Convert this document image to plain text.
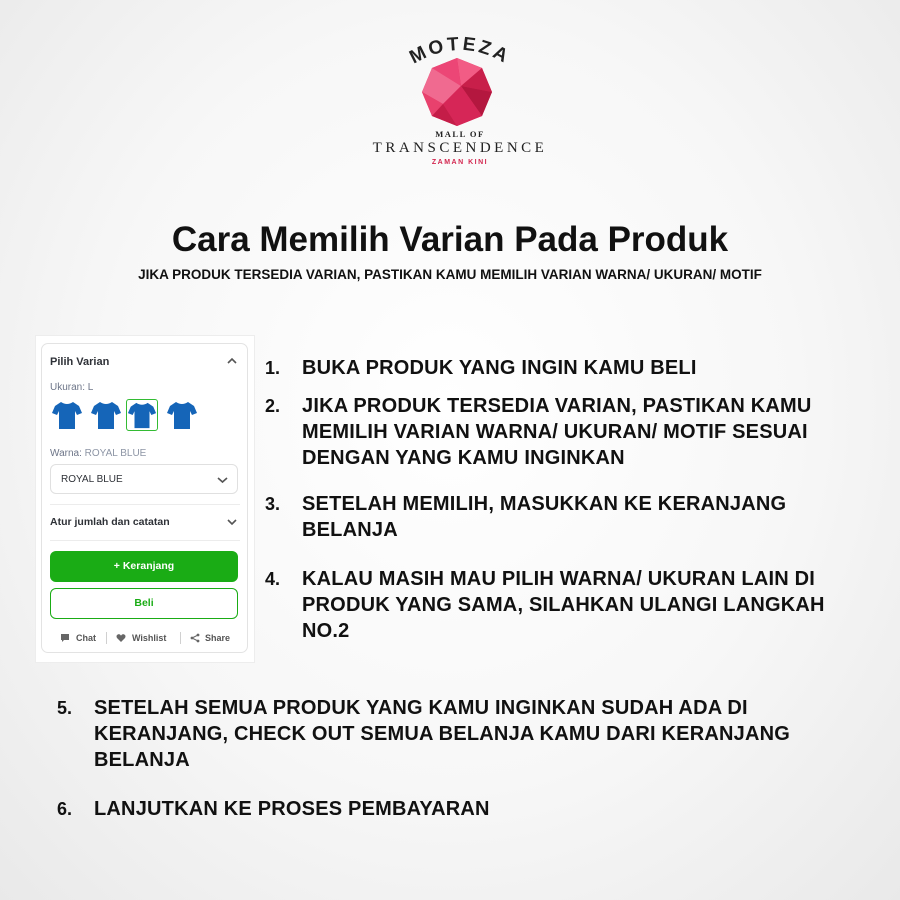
MOTEZA
MALL OF
TRANSCENDENCE
ZAMAN KINI
Cara Memilih Varian Pada Produk
JIKA PRODUK TERSEDIA VARIAN, PASTIKAN KAMU MEMILIH VARIAN WARNA/ UKURAN/ MOTIF
Pilih Varian
Ukuran: L
Warna: ROYAL BLUE
ROYAL BLUE
Atur jumlah dan catatan
+ Keranjang
Beli
Chat	Wishlist	Share
1. BUKA PRODUK YANG INGIN KAMU BELI
2. JIKA PRODUK TERSEDIA VARIAN, PASTIKAN KAMU
MEMILIH VARIAN WARNA/ UKURAN/ MOTIF SESUAI
DENGAN YANG KAMU INGINKAN
3. SETELAH MEMILIH, MASUKKAN KE KERANJANG
BELANJA
4. KALAU MASIH MAU PILIH WARNA/ UKURAN LAIN DI
PRODUK YANG SAMA, SILAHKAN ULANGI LANGKAH
NO.2
5. SETELAH SEMUA PRODUK YANG KAMU INGINKAN SUDAH ADA DI
KERANJANG, CHECK OUT SEMUA BELANJA KAMU DARI KERANJANG
BELANJA
6. LANJUTKAN KE PROSES PEMBAYARAN
